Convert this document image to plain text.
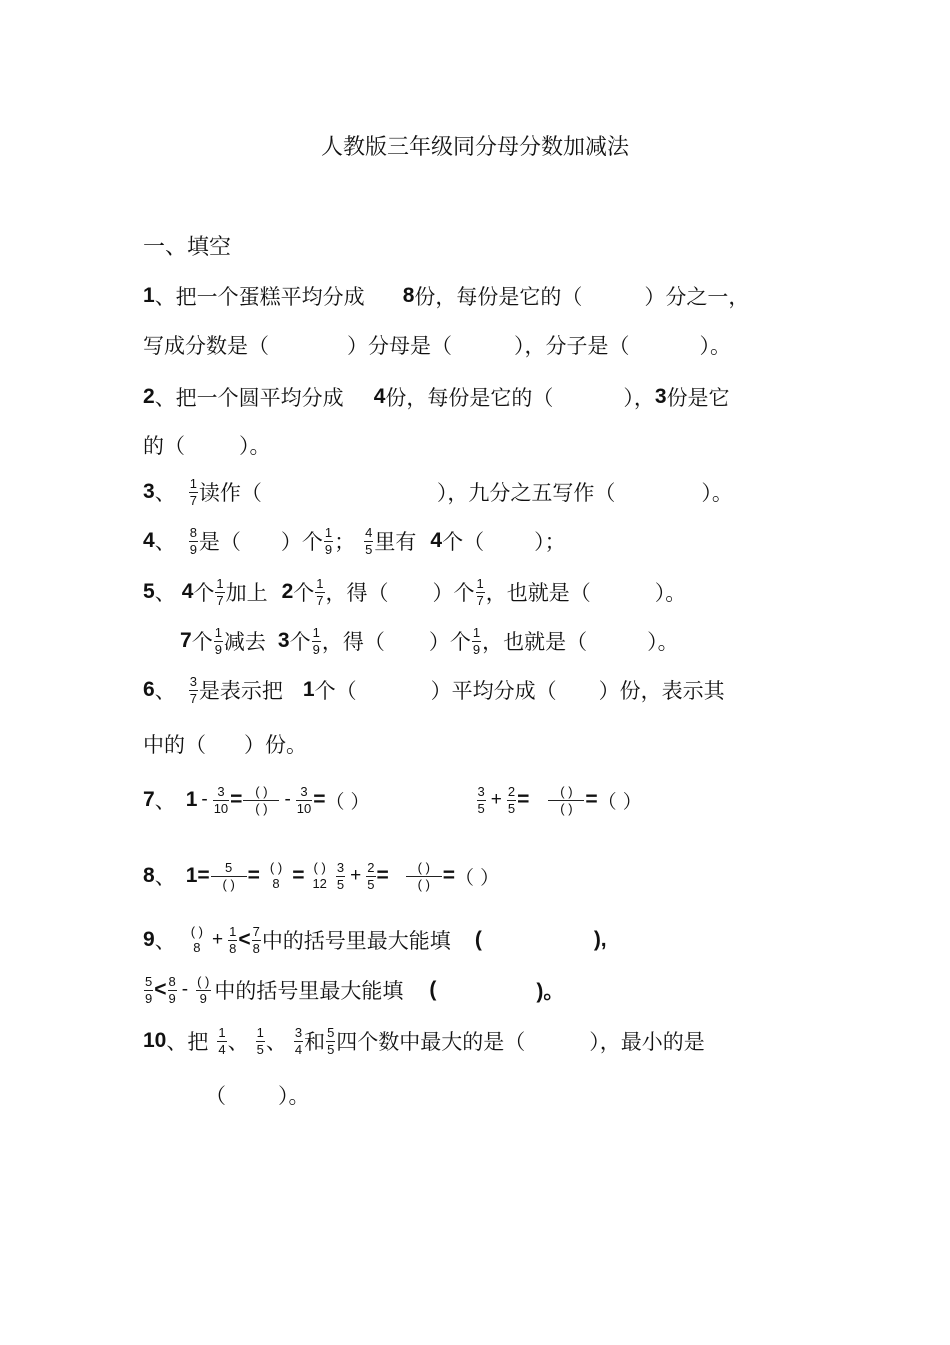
人教版三年级同分母分数加减法
一、填空
1 、把一个蛋糕平均分成 8 份，每份是它的（	）分之一，
写成分数是（	）分母是（	），分子是（	）。
2 、把一个圆平均分成 4 份，每份是它的（	）， 3 份是它
的（	）。
3 、 $\frac{1}{7}$ 读作（	），九分之五写作（	）。
4 、 $\frac{8}{9}$ 是（ ）个 $\frac{1}{9}$ ； $\frac{4}{5}$ 里有 4 个（ ）；
5 、 4 个 $\frac{1}{7}$ 加上 2 个 $\frac{1}{7}$ ，得（ ）个 $\frac{1}{7}$ ，也就是（	）。
7 个 $\frac{1}{9}$ 减去 3 个 $\frac{1}{9}$ ，得（ ）个 $\frac{1}{9}$ ，也就是（	）。
6 、 $\frac{3}{7}$ 是表示把 1 个（	）平均分成（ ）份，表示其
中的（ ）份。
7 、 $1 - \frac{3}{10} = \frac{( )}{( )} - \frac{3}{10}$ = （ ）	$\frac{3}{5} + \frac{2}{5} = \frac{( )}{( )}$ = （ ）
8 、 $1= \frac{5}{( )}$ = ( )
8 = ( )
$12 \frac{3}{5} + \frac{2}{5} = \frac{( )}{( )}$ = （ ）
9 、	( )
$8 + \frac{1}{8} < \frac{7}{8}$ 中的括号里最大能填 (	),
$\frac{5}{9} < \frac{8}{9} - \frac{( )}{9}$ 中的括号里最大能填 (	)。
10 、把 $\frac{1}{4}$ 、 $\frac{1}{5}$ 、 $\frac{3}{4}$ 和 $\frac{5}{5}$ 四个数中最大的是（	），最小的是
（ ）。
